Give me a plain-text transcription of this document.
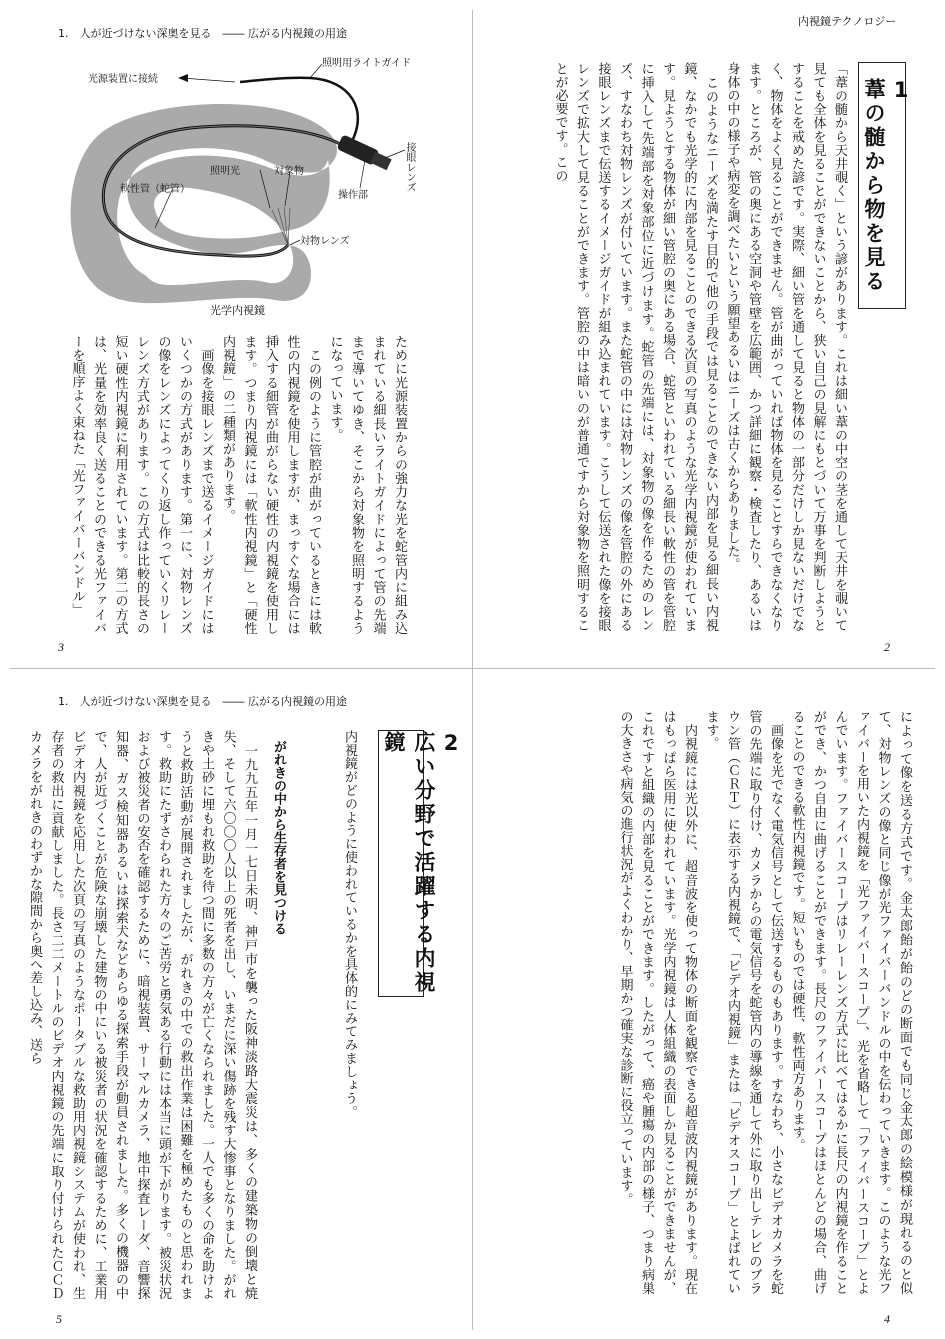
1.　人が近づけない深奥を見る　―― 広がる内視鏡の用途
照明用ライトガイド
光源装置に接続
照明光	対象物
軟性管（蛇管）	接眼レンズ
操作部
対物レンズ
光学内視鏡
ために光源装置からの強力な光を蛇管内に組み込まれている細長いライトガイドによって管の先端まで導いてゆき、そこから対象物を照明するようになっています。
　この例のように管腔が曲がっているときには軟性の内視鏡を使用しますが、まっすぐな場合には挿入する細管が曲がらない硬性の内視鏡を使用します。つまり内視鏡には「軟性内視鏡」と「硬性内視鏡」の二種類があります。
　画像を接眼レンズまで送るイメージガイドにはいくつかの方式があります。第一に、対物レンズの像をレンズによってくり返し作っていくリレーレンズ方式があります。この方式は比較的長さの短い硬性内視鏡に利用されています。第二の方式は、光量を効率良く送ることのできる光ファイバーを順序よく束ねた「光ファイバーバンドル」
3
内視鏡テクノロジー
1
葦の髄から物を見る
「葦の髄から天井覗く」という諺があります。これは細い葦の中空の茎を通して天井を覗いて見ても全体を見ることができないことから、狭い自己の見解にもとづいて万事を判断しようとすることを戒めた諺です。実際、細い管を通して見ると物体の一部分だけしか見ないだけでなく、物体をよく見ることができません。管が曲がっていれば物体を見ることすらできなくなります。ところが、管の奥にある空洞や管壁を広範囲、かつ詳細に観察・検査したり、あるいは身体の中の様子や病変を調べたいという願望あるいはニーズは古くからありました。
　このようなニーズを満たす目的で他の手段では見ることのできない内部を見る細長い内視鏡、なかでも光学的に内部を見ることのできる次頁の写真のような光学内視鏡が使われています。見ようとする物体が細い管腔の奥にある場合、蛇管といわれている細長い軟性の管を管腔に挿入して先端部を対象部位に近づけます。蛇管の先端には、対象物の像を作るためのレンズ、すなわち対物レンズが付いています。また蛇管の中には対物レンズの像を管腔の外にある接眼レンズまで伝送するイメージガイドが組み込まれています。こうして伝送された像を接眼レンズで拡大して見ることができます。管腔の中は暗いのが普通ですから対象物を照明することが必要です。この
2
1.　人が近づけない深奥を見る　―― 広がる内視鏡の用途
2
広い分野で活躍する内視鏡
内視鏡がどのように使われているかを具体的にみてみましょう。
がれきの中から生存者を見つける
　一九九五年一月一七日未明、神戸市を襲った阪神淡路大震災は、多くの建築物の倒壊と焼失、そして六〇〇〇人以上の死者を出し、いまだに深い傷跡を残す大惨事となりました。がれきや土砂に埋もれ救助を待つ間に多数の方々が亡くなられました。一人でも多くの命を助けようと救助活動が展開されましたが、がれきの中での救出作業は困難を極めたものと思われます。救助にたずさわられた方々のご苦労と勇気ある行動には本当に頭が下がります。被災状況および被災者の安否を確認するために、暗視装置、サーマルカメラ、地中探査レーダ、音響探知器、ガス検知器あるいは探索犬などあらゆる探索手段が動員されました。多くの機器の中で、人が近づくことが危険な崩壊した建物の中にいる被災者の状況を確認するために、工業用ビデオ内視鏡を応用した次頁の写真のようなポータブルな救助用内視鏡システムが使われ、生存者の救出に貢献しました。長さ二二メートルのビデオ内視鏡の先端に取り付けられたＣＣＤカメラをがれきのわずかな隙間から奥へ差し込み、送ら
5
によって像を送る方式です。金太郎飴が飴のどの断面でも同じ金太郎の絵模様が現れるのと似て、対物レンズの像と同じ像が光ファイバーバンドルの中を伝わっていきます。このような光ファイバーを用いた内視鏡を「光ファイバースコープ」、光を省略して「ファイバースコープ」とよんでいます。ファイバースコープはリレーレンズ方式に比べてはるかに長尺の内視鏡を作ることができ、かつ自由に曲げることができます。長尺のファイバースコープはほとんどの場合、曲げることのできる軟性内視鏡です。短いものでは硬性、軟性両方あります。
　画像を光でなく電気信号として伝送するものもあります。すなわち、小さなビデオカメラを蛇管の先端に取り付け、カメラからの電気信号を蛇管内の導線を通して外に取り出しテレビのブラウン管（ＣＲＴ）に表示する内視鏡で、「ビデオ内視鏡」または「ビデオスコープ」とよばれています。
　内視鏡には光以外に、超音波を使って物体の断面を観察できる超音波内視鏡があります。現在はもっぱら医用に使われています。光学内視鏡は人体組織の表面しか見ることができませんが、これですと組織の内部を見ることができます。したがって、癌や腫瘍の内部の様子、つまり病巣の大きさや病気の進行状況がよくわかり、早期かつ確実な診断に役立っています。
4
